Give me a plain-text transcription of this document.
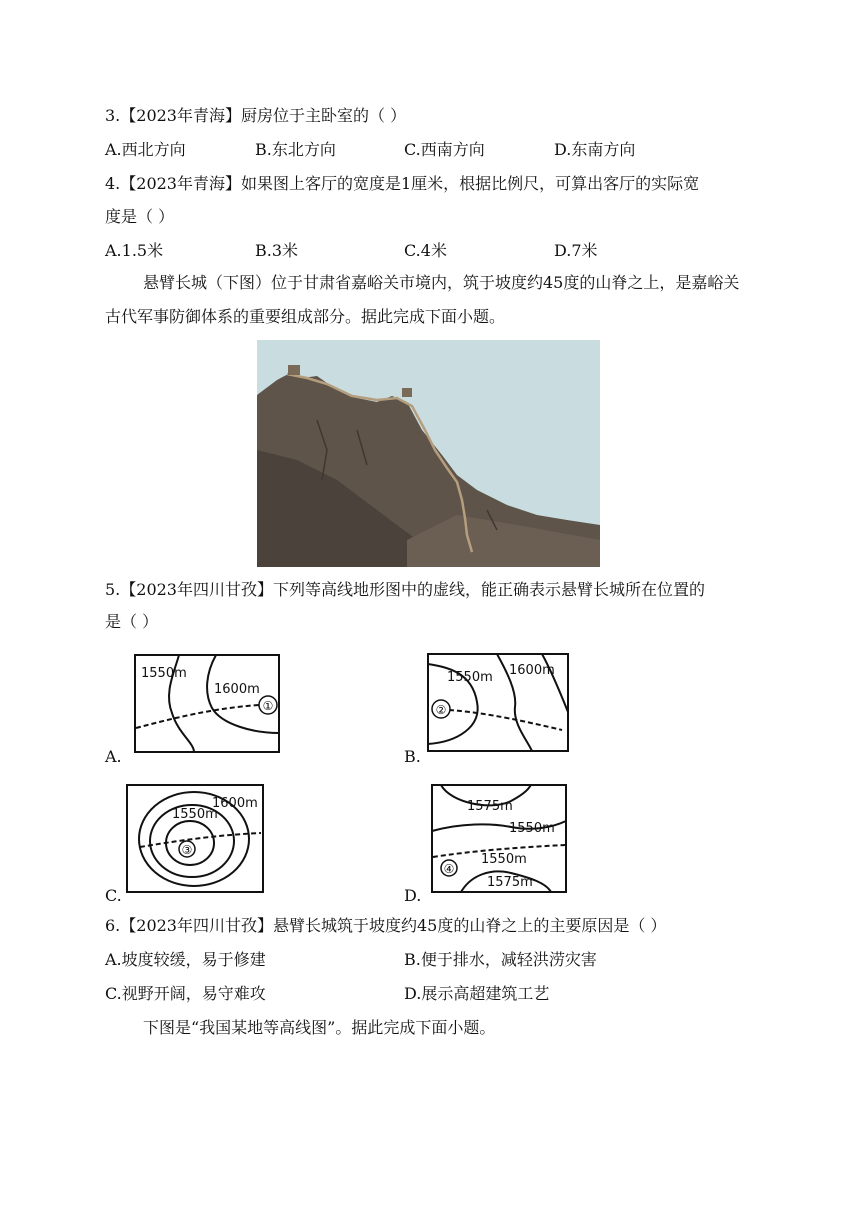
3.【2023年青海】厨房位于主卧室的（ ）
A.西北方向	B.东北方向	C.西南方向	D.东南方向
4.【2023年青海】如果图上客厅的宽度是1厘米，根据比例尺，可算出客厅的实际宽
度是（ ）
A.1.5米	B.3米	C.4米	D.7米
悬臂长城（下图）位于甘肃省嘉峪关市境内，筑于坡度约45度的山脊之上，是嘉峪关古代军事防御体系的重要组成部分。据此完成下面小题。
5.【2023年四川甘孜】下列等高线地形图中的虚线，能正确表示悬臂长城所在位置的
是（ ）
1550m
1600m
①
A.
1550m 1600m
②
B.
1600m
1550m
③
C.
1575m
1550m
1550m
1575m
④
D.
6.【2023年四川甘孜】悬臂长城筑于坡度约45度的山脊之上的主要原因是（ ）
A.坡度较缓，易于修建	B.便于排水，减轻洪涝灾害
C.视野开阔，易守难攻	D.展示高超建筑工艺
下图是“我国某地等高线图”。据此完成下面小题。
